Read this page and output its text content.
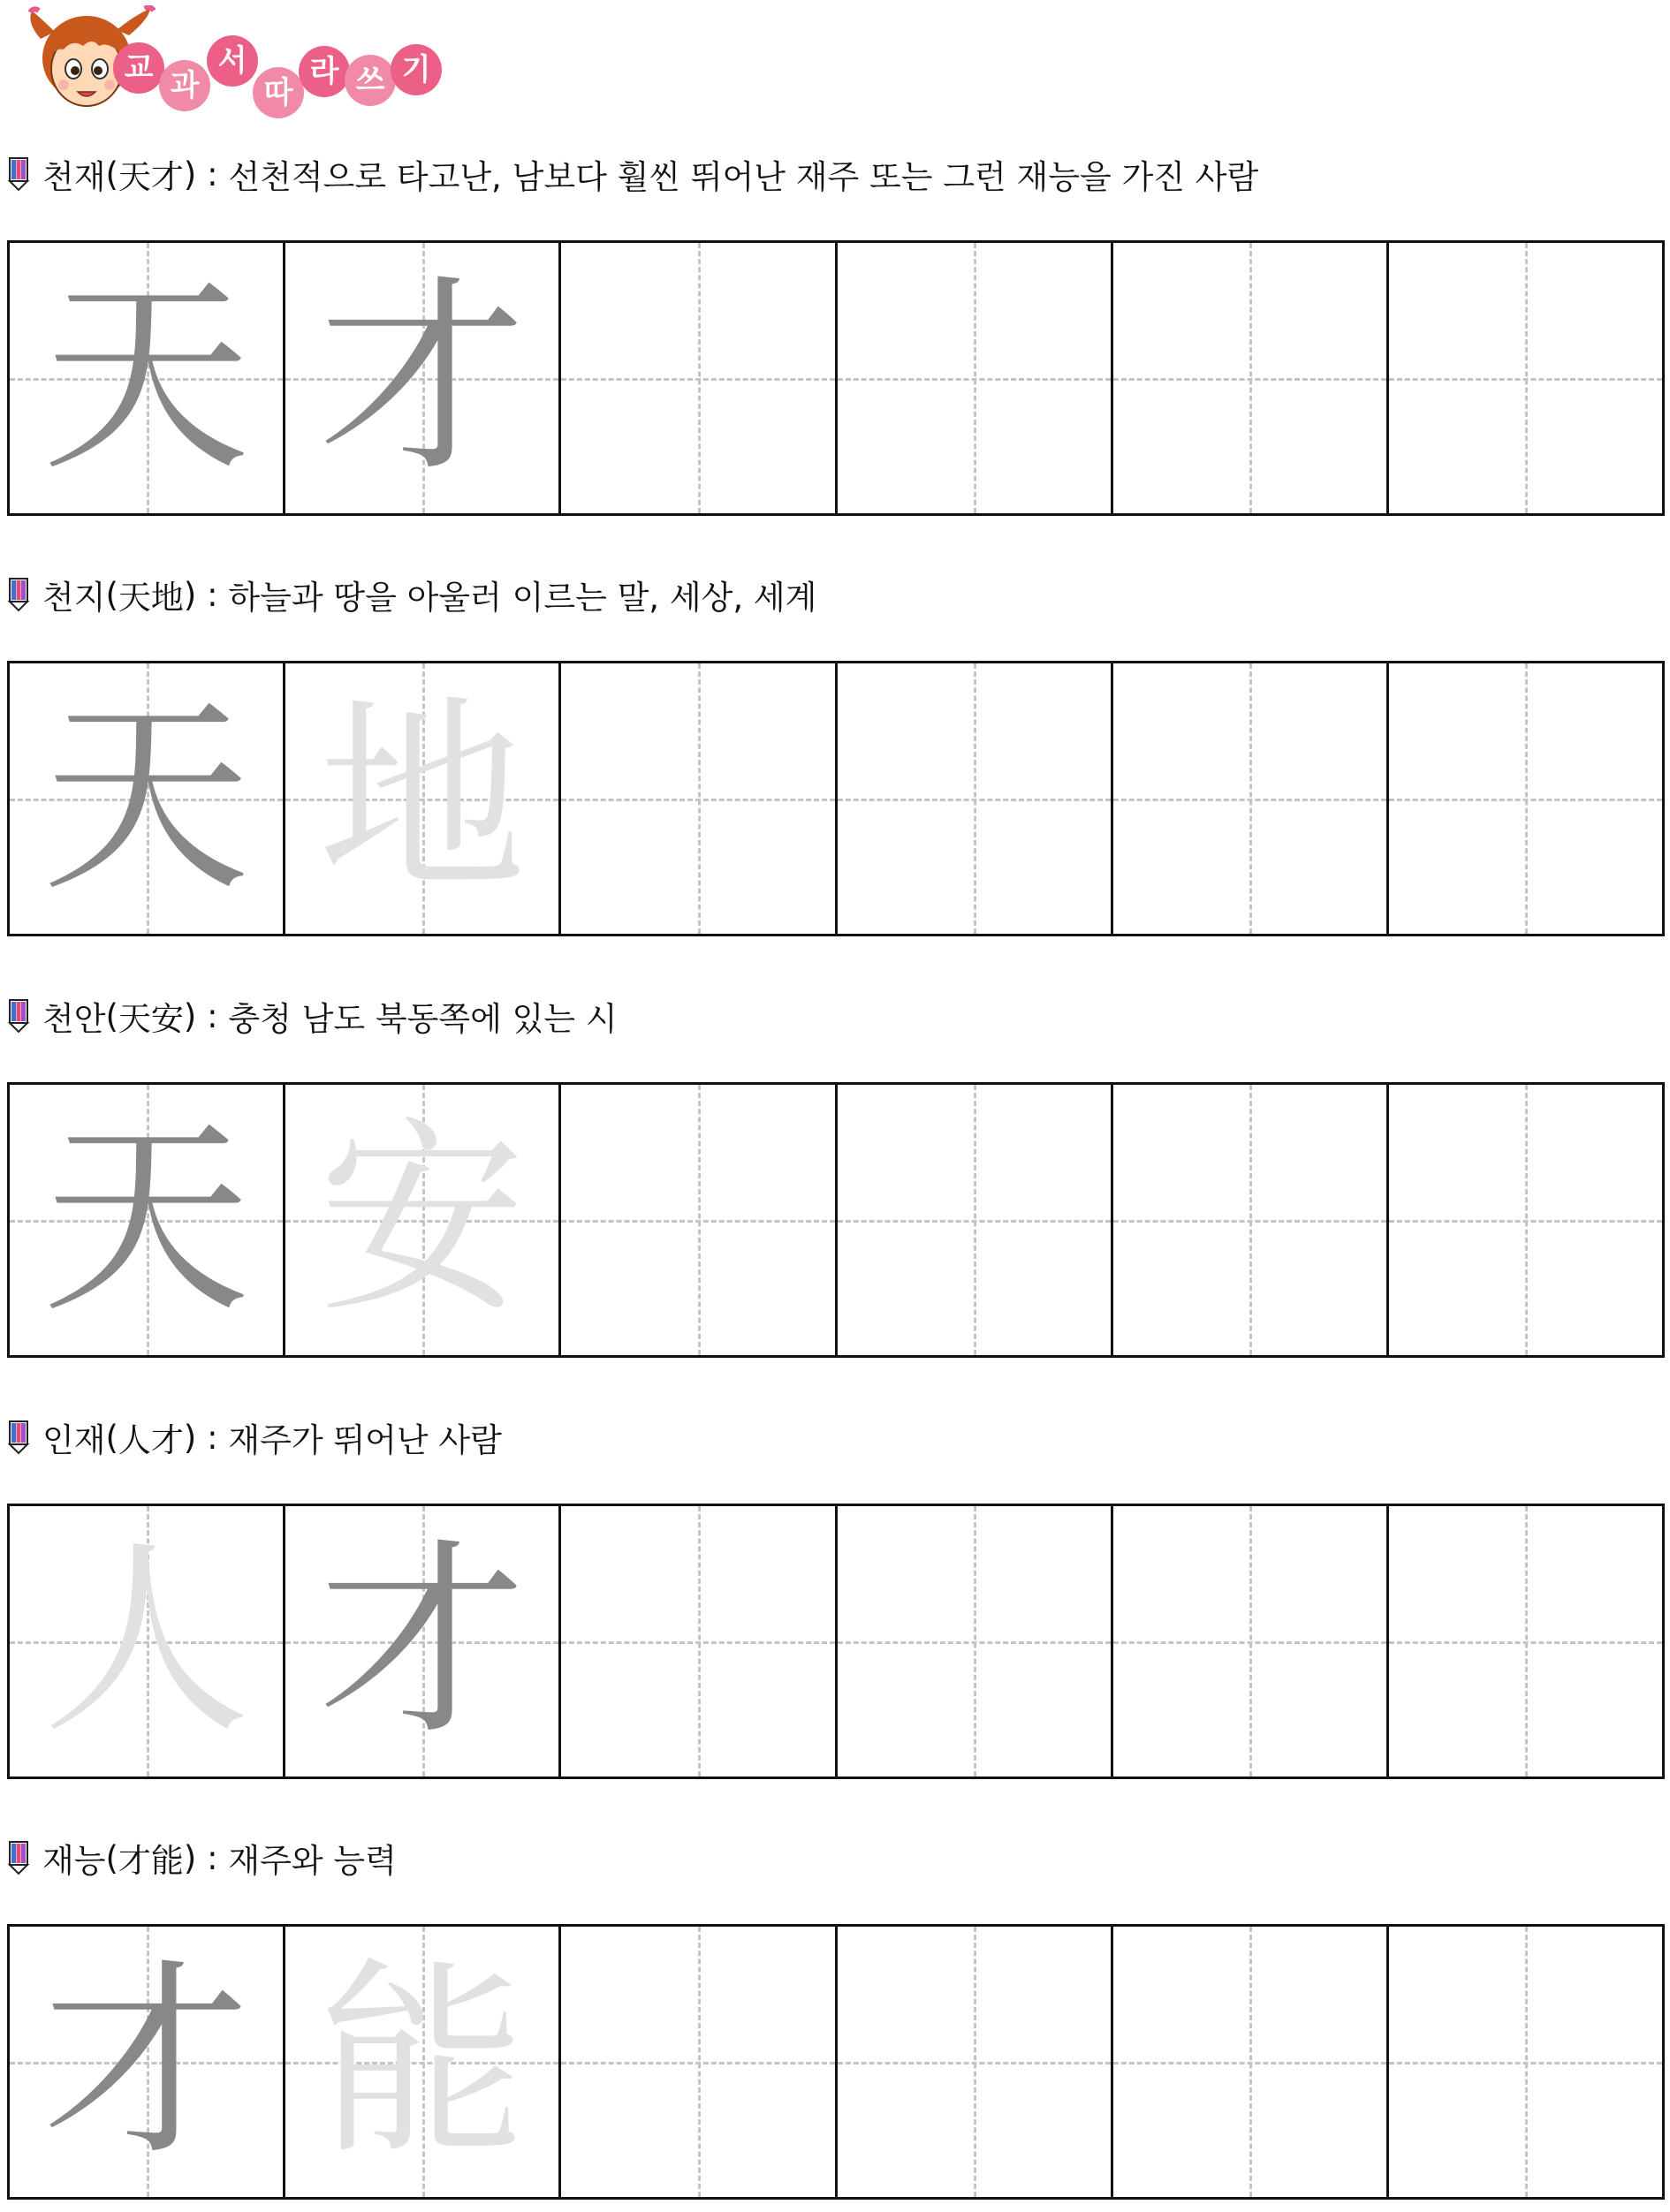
교 과
서
따
라 쓰 기
천재 ( 天才 ) : 선천적으로 타고난, 남보다 훨씬 뛰어난 재주 또는 그런 재능을 가진 사람
天 才
천지 ( 天地 ) : 하늘과 땅을 아울러 이르는 말, 세상, 세계
天 地
천안 ( 天安 ) : 충청 남도 북동쪽에 있는 시
天 安
인재 ( 人才 ) : 재주가 뛰어난 사람
人 才
재능 ( 才能 ) : 재주와 능력
才 能
